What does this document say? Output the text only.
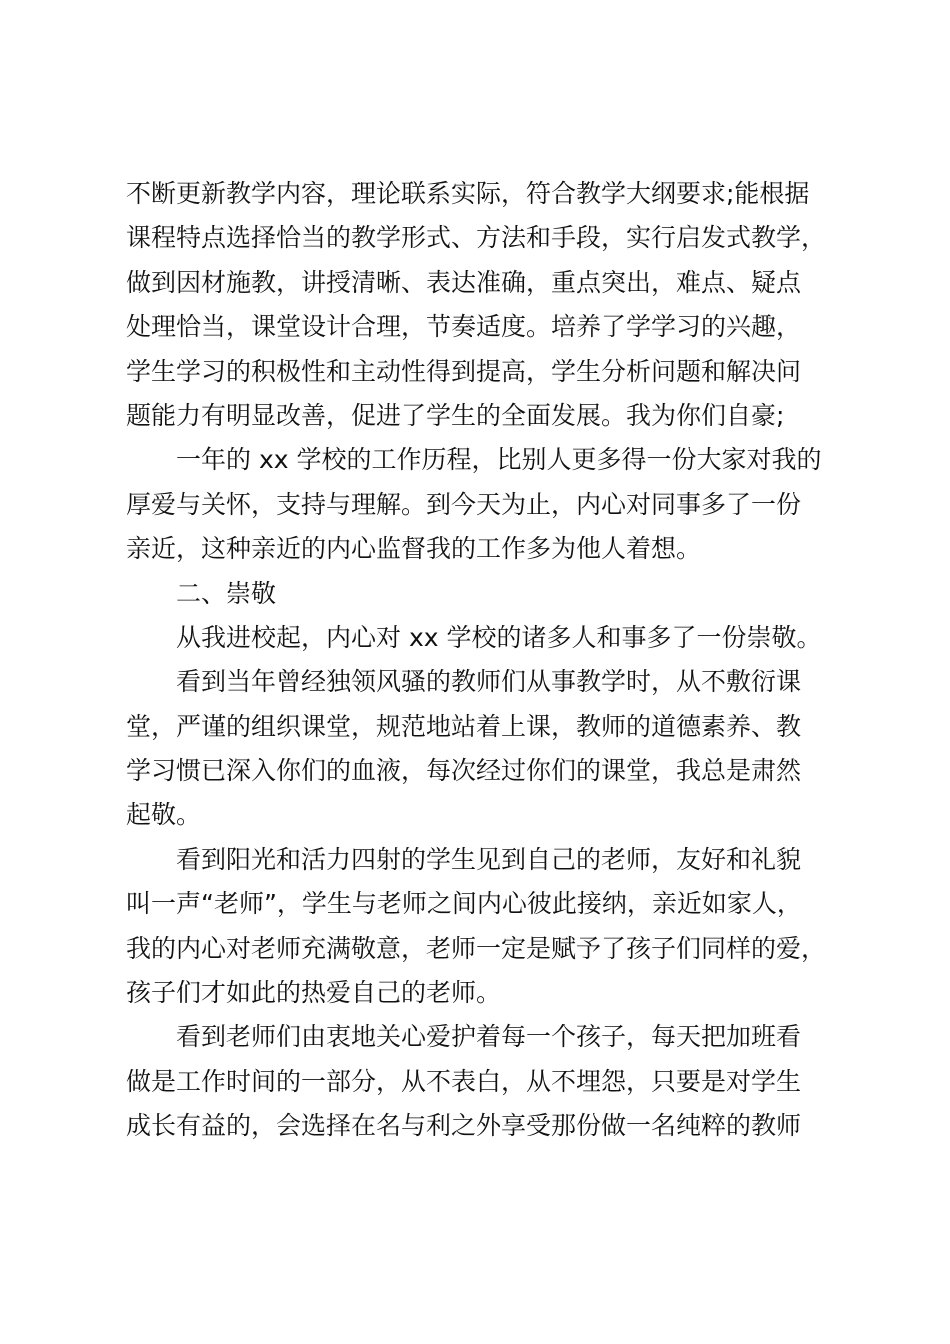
不断更新教学内容，理论联系实际，符合教学大纲要求;能根据
课程特点选择恰当的教学形式、方法和手段，实行启发式教学，
做到因材施教，讲授清晰、表达准确，重点突出，难点、疑点
处理恰当，课堂设计合理，节奏适度。培养了学学习的兴趣，
学生学习的积极性和主动性得到提高，学生分析问题和解决问
题能力有明显改善，促进了学生的全面发展。我为你们自豪;
一年的 xx 学校的工作历程，比别人更多得一份大家对我的
厚爱与关怀，支持与理解。到今天为止，内心对同事多了一份
亲近，这种亲近的内心监督我的工作多为他人着想。
二、崇敬
从我进校起，内心对 xx 学校的诸多人和事多了一份崇敬。
看到当年曾经独领风骚的教师们从事教学时，从不敷衍课
堂，严谨的组织课堂，规范地站着上课，教师的道德素养、教
学习惯已深入你们的血液，每次经过你们的课堂，我总是肃然
起敬。
看到阳光和活力四射的学生见到自己的老师，友好和礼貌
叫一声“老师”，学生与老师之间内心彼此接纳，亲近如家人，
我的内心对老师充满敬意，老师一定是赋予了孩子们同样的爱，
孩子们才如此的热爱自己的老师。
看到老师们由衷地关心爱护着每一个孩子，每天把加班看
做是工作时间的一部分，从不表白，从不埋怨，只要是对学生
成长有益的，会选择在名与利之外享受那份做一名纯粹的教师
